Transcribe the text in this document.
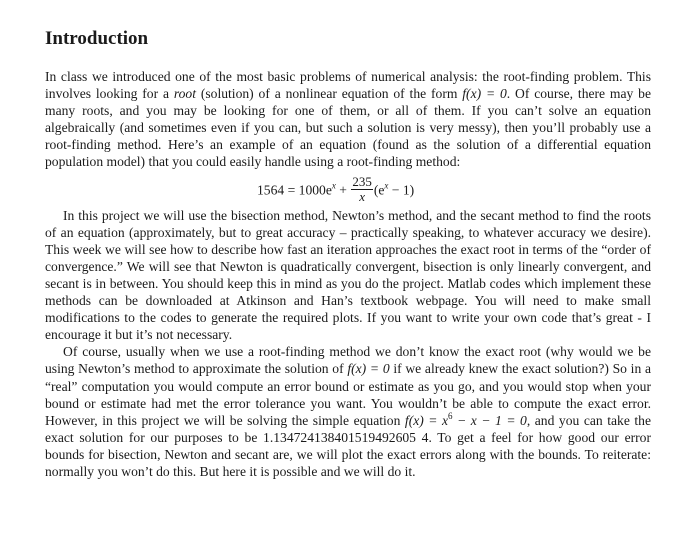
Introduction

In class we introduced one of the most basic problems of numerical analysis: the root-finding problem. This involves looking for a root (solution) of a nonlinear equation of the form f(x) = 0. Of course, there may be many roots, and you may be looking for one of them, or all of them. If you can’t solve an equation algebraically (and sometimes even if you can, but such a solution is very messy), then you’ll probably use a root-finding method. Here’s an example of an equation (found as the solution of a differential equation population model) that you could easily handle using a root-finding method:

$1564 = 1000e^x + \frac{235}{x} (e^x - 1)$

In this project we will use the bisection method, Newton’s method, and the secant method to find the roots of an equation (approximately, but to great accuracy – practically speaking, to whatever accuracy we desire). This week we will see how to describe how fast an iteration approaches the exact root in terms of the “order of convergence.” We will see that Newton is quadratically convergent, bisection is only linearly convergent, and secant is in between. You should keep this in mind as you do the project. Matlab codes which implement these methods can be downloaded at Atkinson and Han’s textbook webpage. You will need to make small modifications to the codes to generate the required plots. If you want to write your own code that’s great - I encourage it but it’s not necessary.

Of course, usually when we use a root-finding method we don’t know the exact root (why would we be using Newton’s method to approximate the solution of f(x) = 0 if we already knew the exact solution?) So in a “real” computation you would compute an error bound or estimate as you go, and you would stop when your bound or estimate had met the error tolerance you want. You wouldn’t be able to compute the exact error. However, in this project we will be solving the simple equation $f(x) = x^6 - x - 1 = 0$, and you can take the exact solution for our purposes to be 1.134724138401519492605 4. To get a feel for how good our error bounds for bisection, Newton and secant are, we will plot the exact errors along with the bounds. To reiterate: normally you won’t do this. But here it is possible and we will do it.
